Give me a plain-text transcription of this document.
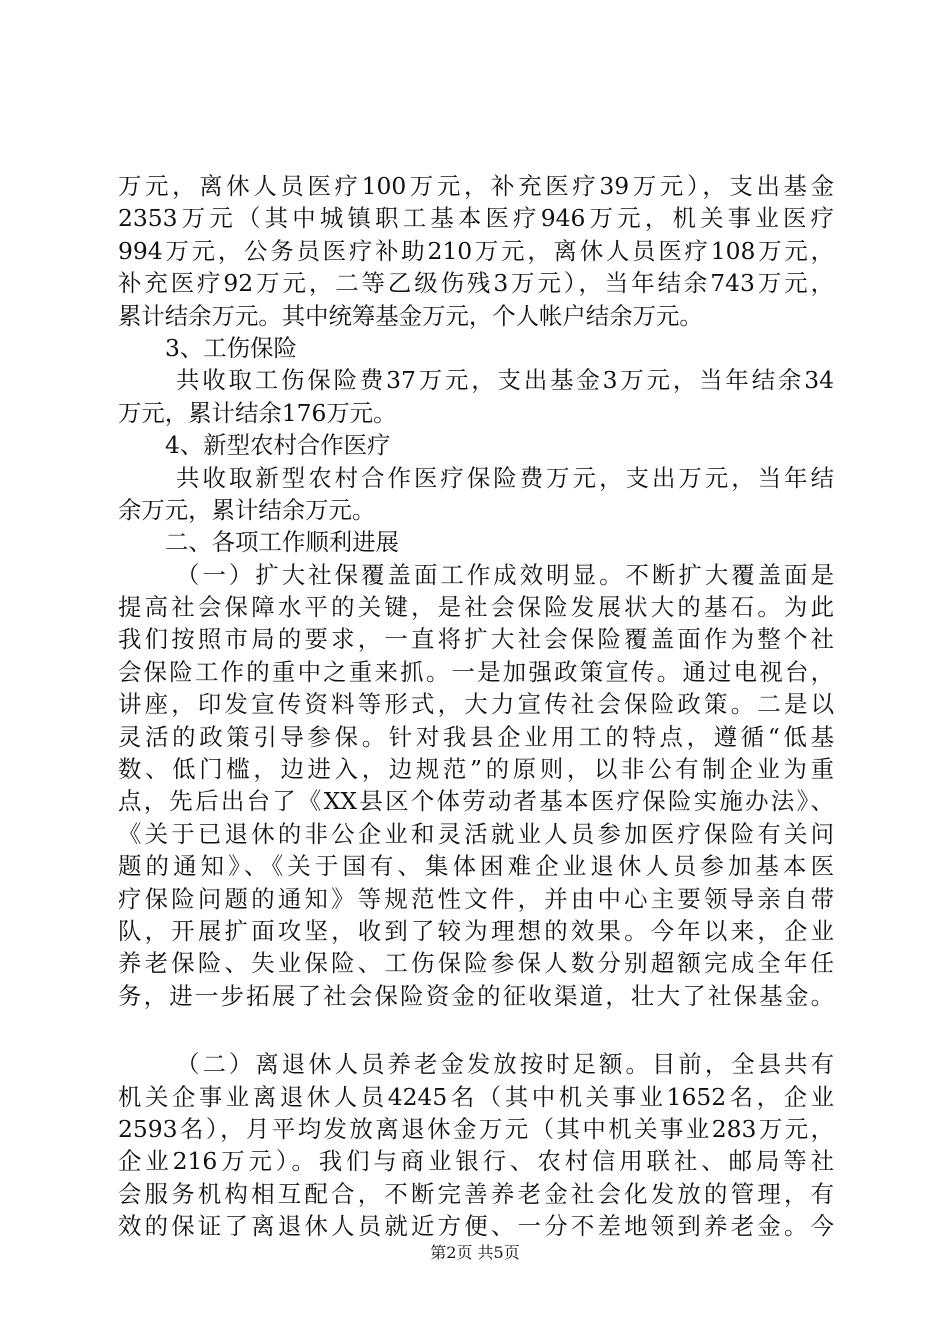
万元，离休人员医疗100万元，补充医疗39万元），支出基金
2353万元（其中城镇职工基本医疗946万元，机关事业医疗
994万元，公务员医疗补助210万元，离休人员医疗108万元，
补充医疗92万元，二等乙级伤残3万元），当年结余743万元，
累计结余万元。其中统筹基金万元，个人帐户结余万元。
3、工伤保险
共收取工伤保险费37万元，支出基金3万元，当年结余34
万元，累计结余176万元。
4、新型农村合作医疗
共收取新型农村合作医疗保险费万元，支出万元，当年结
余万元，累计结余万元。
二、各项工作顺利进展
（一）扩大社保覆盖面工作成效明显。不断扩大覆盖面是
提高社会保障水平的关键，是社会保险发展状大的基石。为此
我们按照市局的要求，一直将扩大社会保险覆盖面作为整个社
会保险工作的重中之重来抓。一是加强政策宣传。通过电视台，
讲座，印发宣传资料等形式，大力宣传社会保险政策。二是以
灵活的政策引导参保。针对我县企业用工的特点，遵循“低基
数、低门槛，边进入，边规范”的原则，以非公有制企业为重
点，先后出台了《XX县区个体劳动者基本医疗保险实施办法》、
《关于已退休的非公企业和灵活就业人员参加医疗保险有关问
题的通知》、《关于国有、集体困难企业退休人员参加基本医
疗保险问题的通知》等规范性文件，并由中心主要领导亲自带
队，开展扩面攻坚，收到了较为理想的效果。今年以来，企业
养老保险、失业保险、工伤保险参保人数分别超额完成全年任
务，进一步拓展了社会保险资金的征收渠道，壮大了社保基金。
（二）离退休人员养老金发放按时足额。目前，全县共有
机关企事业离退休人员4245名（其中机关事业1652名，企业
2593名），月平均发放离退休金万元（其中机关事业283万元，
企业216万元）。我们与商业银行、农村信用联社、邮局等社
会服务机构相互配合，不断完善养老金社会化发放的管理，有
效的保证了离退休人员就近方便、一分不差地领到养老金。今
第2页 共5页
